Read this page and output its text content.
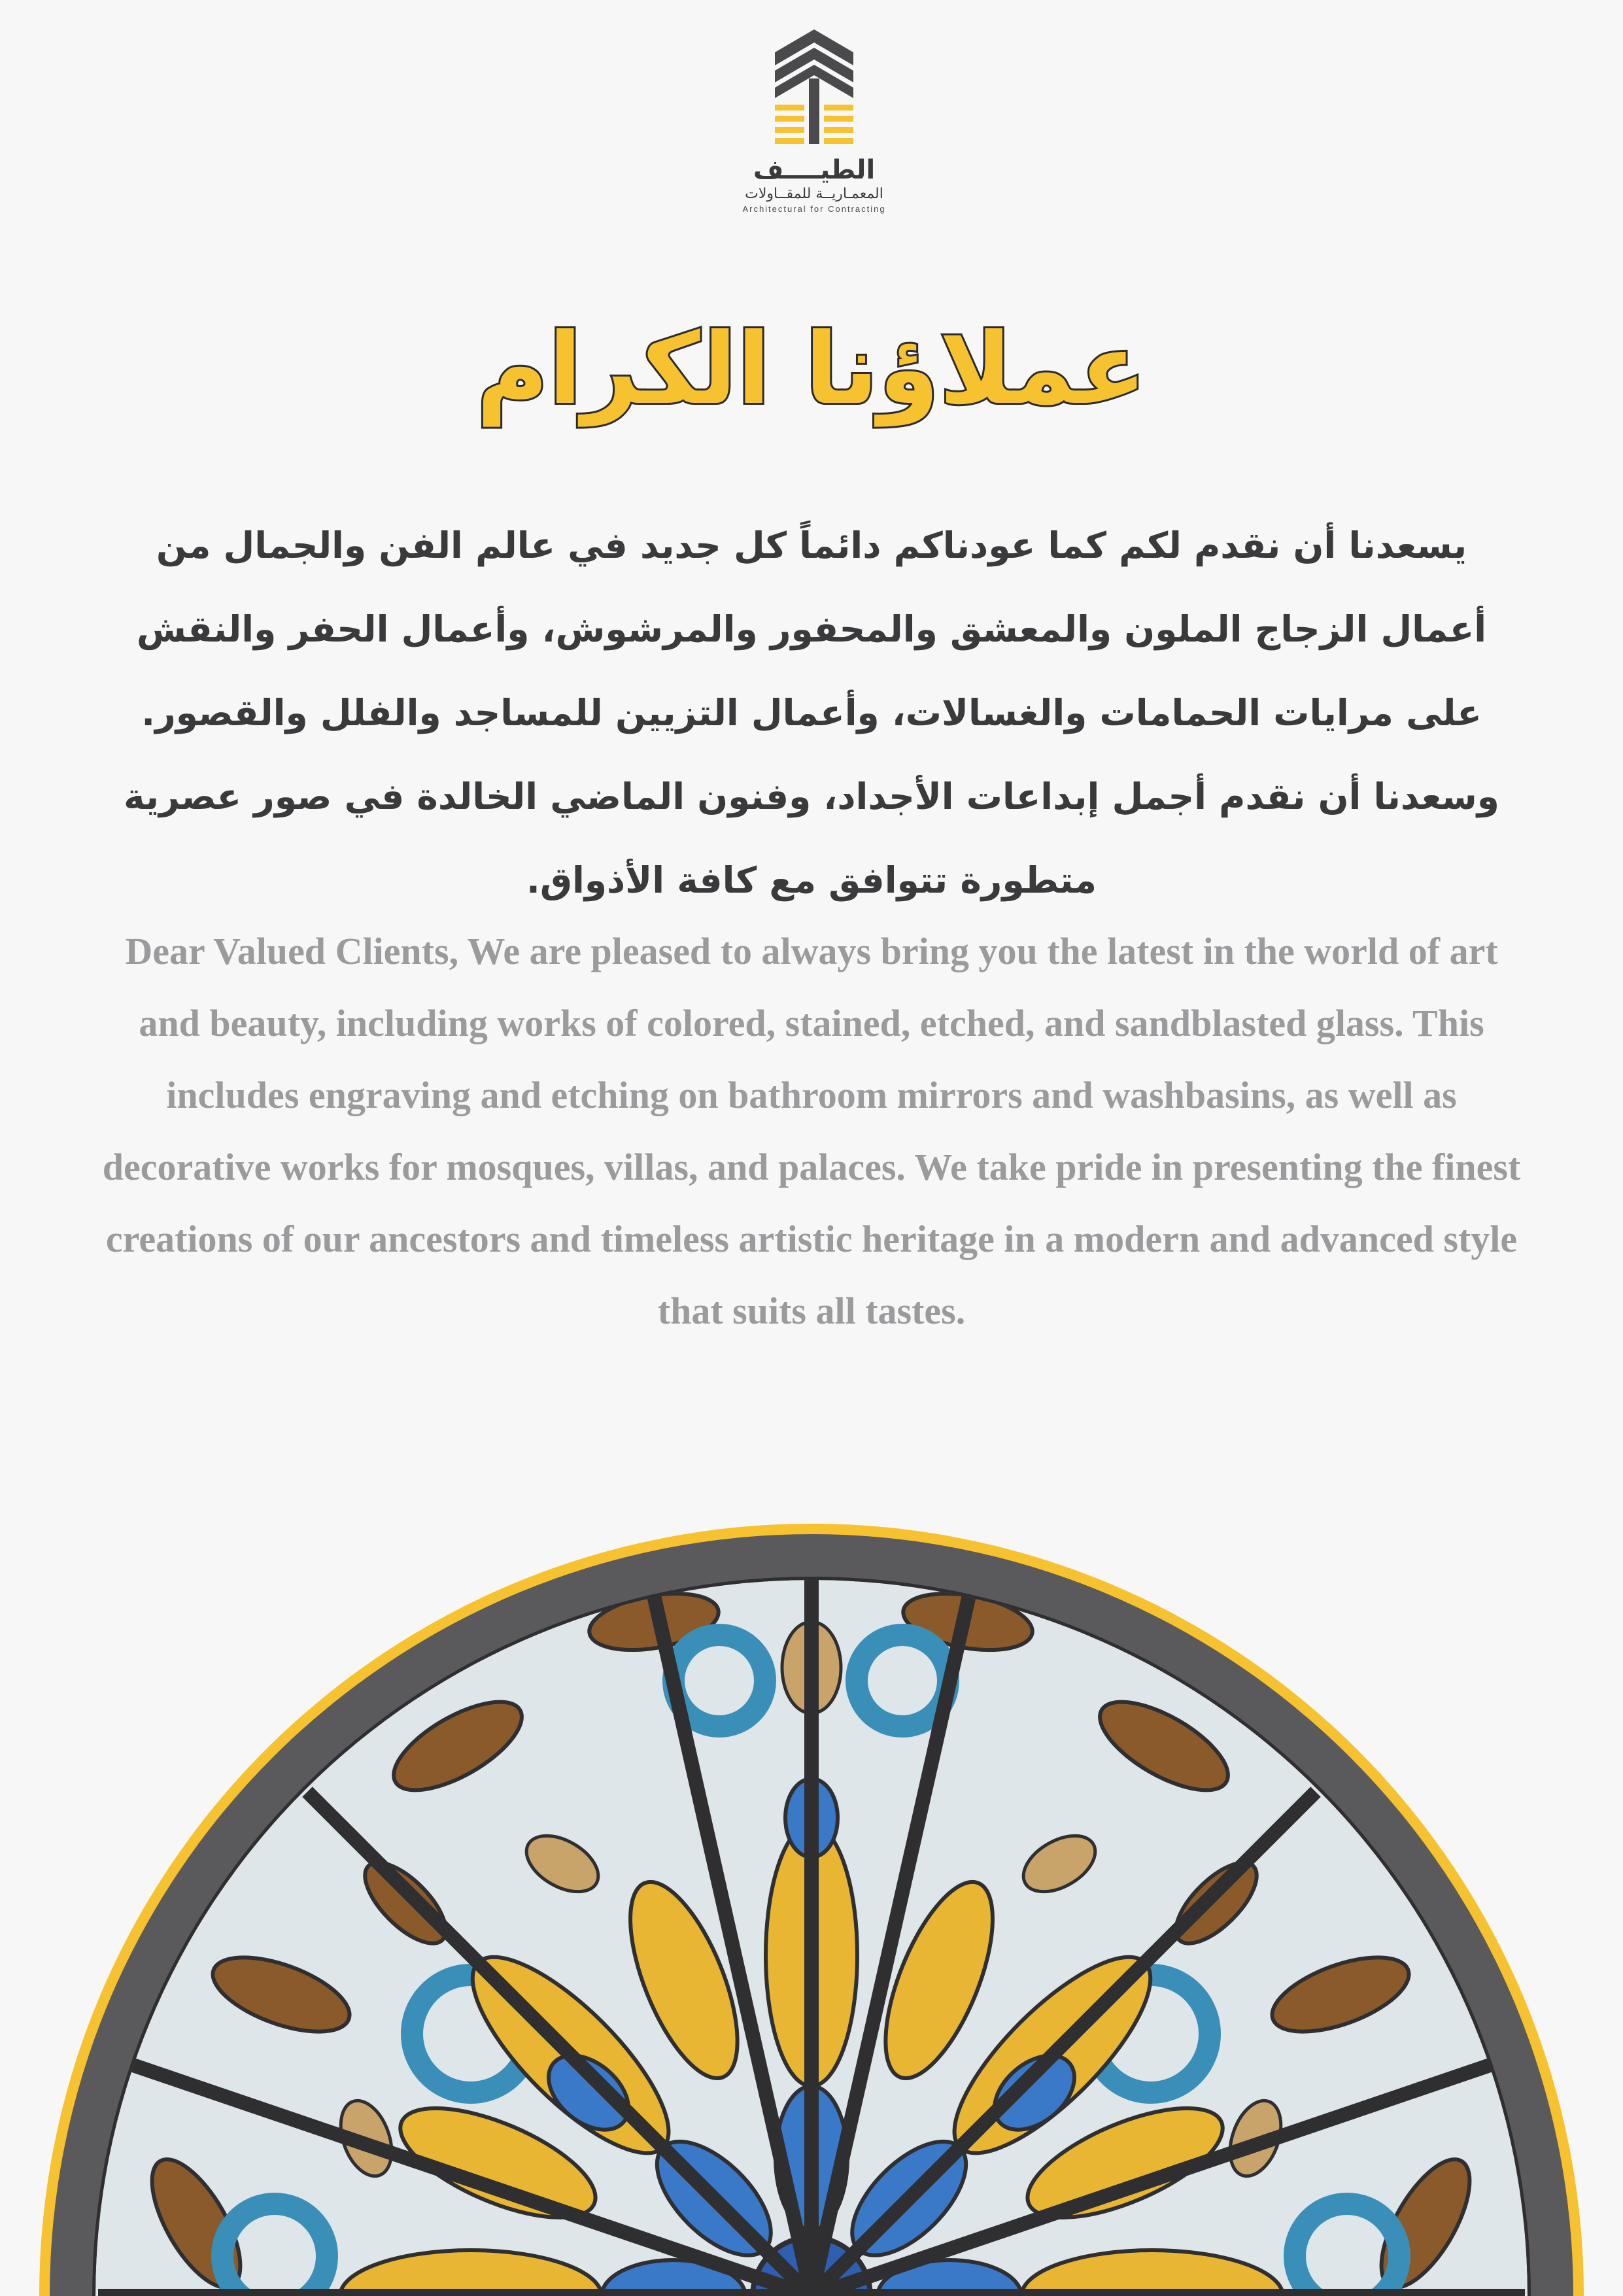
الطيــــف
المعمـاريــة للمقــاولات
Architectural for Contracting
عملاؤنا الكرام
يسعدنا أن نقدم لكم كما عودناكم دائماً كل جديد في عالم الفن والجمال من أعمال الزجاج الملون والمعشق والمحفور والمرشوش، وأعمال الحفر والنقش على مرايات الحمامات والغسالات، وأعمال التزيين للمساجد والفلل والقصور. وسعدنا أن نقدم أجمل إبداعات الأجداد، وفنون الماضي الخالدة في صور عصرية متطورة تتوافق مع كافة الأذواق.
Dear Valued Clients, We are pleased to always bring you the latest in the world of art and beauty, including works of colored, stained, etched, and sandblasted glass. This includes engraving and etching on bathroom mirrors and washbasins, as well as decorative works for mosques, villas, and palaces. We take pride in presenting the finest creations of our ancestors and timeless artistic heritage in a modern and advanced style that suits all tastes.
